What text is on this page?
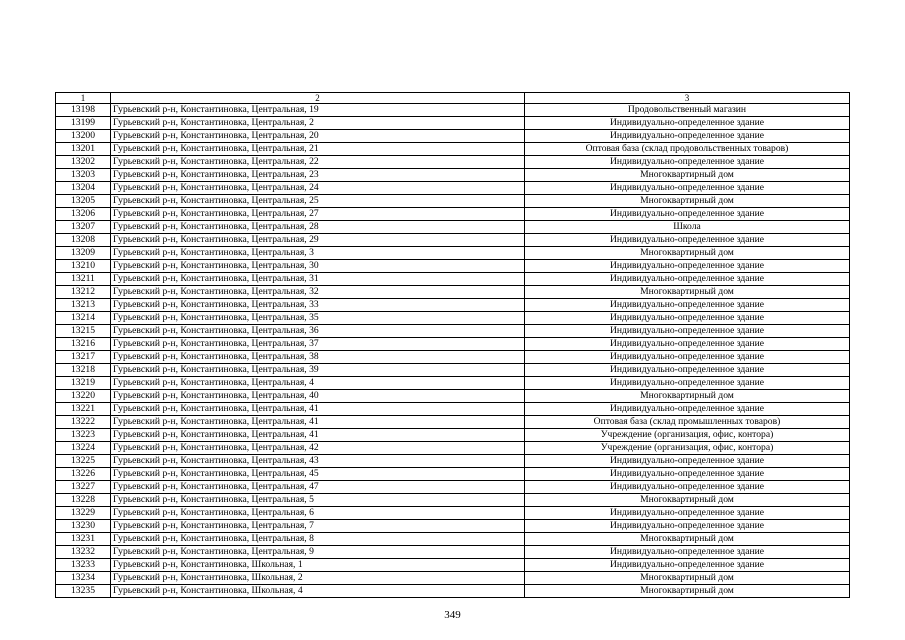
1	2	3
13198	Гурьевский р-н, Константиновка, Центральная, 19	Продовольственный магазин
13199	Гурьевский р-н, Константиновка, Центральная, 2	Индивидуально-определенное здание
13200	Гурьевский р-н, Константиновка, Центральная, 20	Индивидуально-определенное здание
13201	Гурьевский р-н, Константиновка, Центральная, 21	Оптовая база (склад продовольственных товаров)
13202	Гурьевский р-н, Константиновка, Центральная, 22	Индивидуально-определенное здание
13203	Гурьевский р-н, Константиновка, Центральная, 23	Многоквартирный дом
13204	Гурьевский р-н, Константиновка, Центральная, 24	Индивидуально-определенное здание
13205	Гурьевский р-н, Константиновка, Центральная, 25	Многоквартирный дом
13206	Гурьевский р-н, Константиновка, Центральная, 27	Индивидуально-определенное здание
13207	Гурьевский р-н, Константиновка, Центральная, 28	Школа
13208	Гурьевский р-н, Константиновка, Центральная, 29	Индивидуально-определенное здание
13209	Гурьевский р-н, Константиновка, Центральная, 3	Многоквартирный дом
13210	Гурьевский р-н, Константиновка, Центральная, 30	Индивидуально-определенное здание
13211	Гурьевский р-н, Константиновка, Центральная, 31	Индивидуально-определенное здание
13212	Гурьевский р-н, Константиновка, Центральная, 32	Многоквартирный дом
13213	Гурьевский р-н, Константиновка, Центральная, 33	Индивидуально-определенное здание
13214	Гурьевский р-н, Константиновка, Центральная, 35	Индивидуально-определенное здание
13215	Гурьевский р-н, Константиновка, Центральная, 36	Индивидуально-определенное здание
13216	Гурьевский р-н, Константиновка, Центральная, 37	Индивидуально-определенное здание
13217	Гурьевский р-н, Константиновка, Центральная, 38	Индивидуально-определенное здание
13218	Гурьевский р-н, Константиновка, Центральная, 39	Индивидуально-определенное здание
13219	Гурьевский р-н, Константиновка, Центральная, 4	Индивидуально-определенное здание
13220	Гурьевский р-н, Константиновка, Центральная, 40	Многоквартирный дом
13221	Гурьевский р-н, Константиновка, Центральная, 41	Индивидуально-определенное здание
13222	Гурьевский р-н, Константиновка, Центральная, 41	Оптовая база (склад промышленных товаров)
13223	Гурьевский р-н, Константиновка, Центральная, 41	Учреждение (организация, офис, контора)
13224	Гурьевский р-н, Константиновка, Центральная, 42	Учреждение (организация, офис, контора)
13225	Гурьевский р-н, Константиновка, Центральная, 43	Индивидуально-определенное здание
13226	Гурьевский р-н, Константиновка, Центральная, 45	Индивидуально-определенное здание
13227	Гурьевский р-н, Константиновка, Центральная, 47	Индивидуально-определенное здание
13228	Гурьевский р-н, Константиновка, Центральная, 5	Многоквартирный дом
13229	Гурьевский р-н, Константиновка, Центральная, 6	Индивидуально-определенное здание
13230	Гурьевский р-н, Константиновка, Центральная, 7	Индивидуально-определенное здание
13231	Гурьевский р-н, Константиновка, Центральная, 8	Многоквартирный дом
13232	Гурьевский р-н, Константиновка, Центральная, 9	Индивидуально-определенное здание
13233	Гурьевский р-н, Константиновка, Школьная, 1	Индивидуально-определенное здание
13234	Гурьевский р-н, Константиновка, Школьная, 2	Многоквартирный дом
13235	Гурьевский р-н, Константиновка, Школьная, 4	Многоквартирный дом
349
